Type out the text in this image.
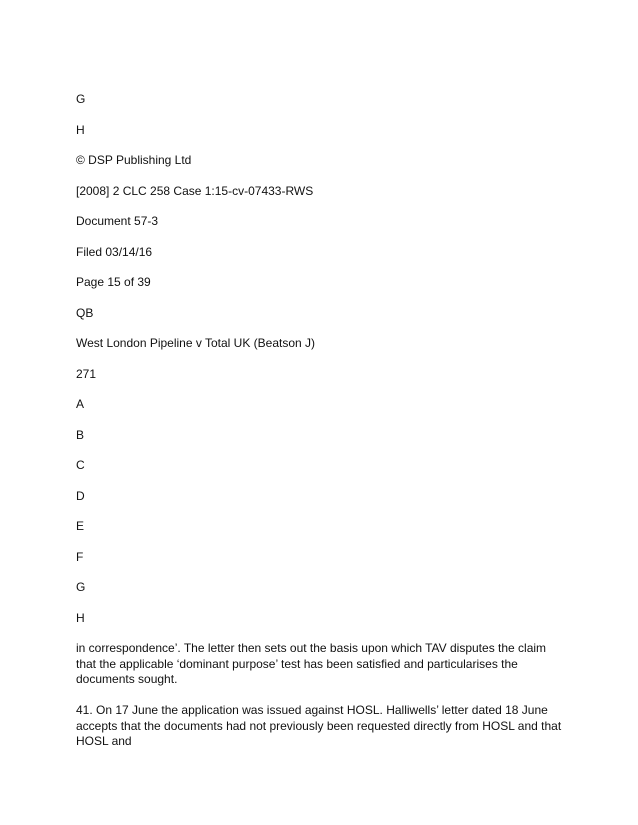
G
H
© DSP Publishing Ltd
[2008] 2 CLC 258 Case 1:15-cv-07433-RWS
Document 57-3
Filed 03/14/16
Page 15 of 39
QB
West London Pipeline v Total UK (Beatson J)
271
A
B
C
D
E
F
G
H
in correspondence’. The letter then sets out the basis upon which TAV disputes the claim that the applicable ‘dominant purpose’ test has been satisfied and particularises the documents sought.
41. On 17 June the application was issued against HOSL. Halliwells’ letter dated 18 June accepts that the documents had not previously been requested directly from HOSL and that HOSL and
